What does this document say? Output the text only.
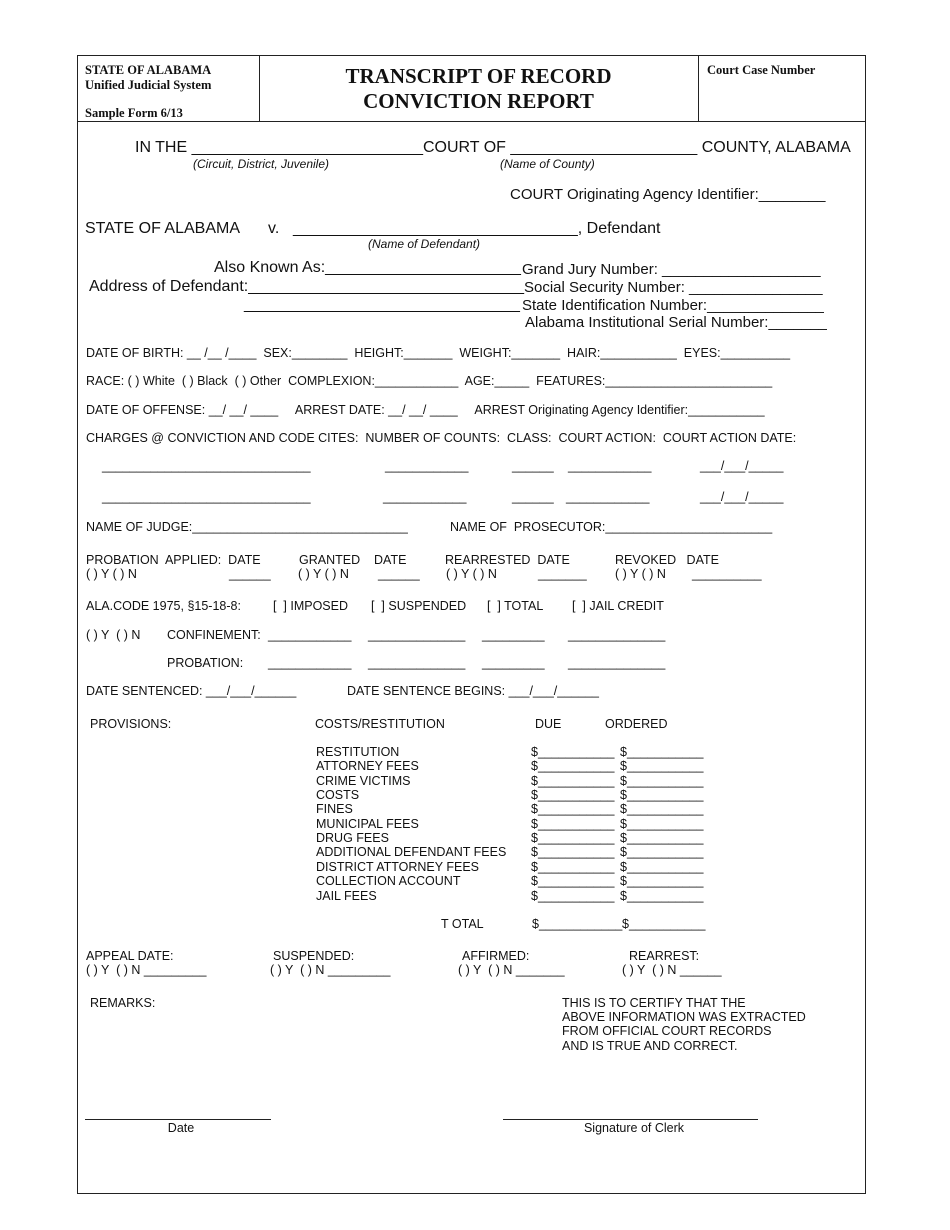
STATE OF ALABAMA
Unified Judicial System
Sample Form 6/13
TRANSCRIPT OF RECORD
CONVICTION REPORT
Court Case Number
IN THE __________________________COURT OF _____________________ COUNTY, ALABAMA
(Circuit, District, Juvenile)	(Name of County)
COURT Originating Agency Identifier:________
STATE OF ALABAMA v. ________________________________, Defendant
(Name of Defendant)
Also Known As:______________________
Address of Defendant:_______________________________
_______________________________
Grand Jury Number: ___________________
Social Security Number: ________________
State Identification Number:______________
Alabama Institutional Serial Number:_______
DATE OF BIRTH: __ /__ /____  SEX:________  HEIGHT:_______  WEIGHT:_______  HAIR:___________  EYES:__________
RACE: ( ) White  ( ) Black  ( ) Other  COMPLEXION:____________  AGE:_____  FEATURES:________________________
DATE OF OFFENSE: __/ __/ ____     ARREST DATE: __/ __/ ____     ARREST Originating Agency Identifier:___________
CHARGES @ CONVICTION AND CODE CITES:  NUMBER OF COUNTS:  CLASS:  COURT ACTION:  COURT ACTION DATE:
______________________________	____________	______ ____________	___/___/_____
______________________________	____________	______ ____________	___/___/_____
NAME OF JUDGE:_______________________________	NAME OF  PROSECUTOR:________________________
PROBATION  APPLIED:  DATE
( ) Y ( ) N	______
GRANTED    DATE
( ) Y ( ) N ______
REARRESTED  DATE
( ) Y ( ) N	_______
REVOKED   DATE
( ) Y ( ) N __________
ALA.CODE 1975, §15-18-8:	[  ] IMPOSED [  ] SUSPENDED [  ] TOTAL [  ] JAIL CREDIT
( ) Y  ( ) N CONFINEMENT: ____________ ______________ _________ ______________
PROBATION: ____________ ______________ _________ ______________
DATE SENTENCED: ___/___/______	DATE SENTENCE BEGINS: ___/___/______
PROVISIONS:	COSTS/RESTITUTION	DUE	ORDERED
RESTITUTION	$___________ $___________
ATTORNEY FEES	$___________ $___________
CRIME VICTIMS	$___________ $___________
COSTS	$___________ $___________
FINES	$___________ $___________
MUNICIPAL FEES	$___________ $___________
DRUG FEES	$___________ $___________
ADDITIONAL DEFENDANT FEES $___________ $___________
DISTRICT ATTORNEY FEES	$___________ $___________
COLLECTION ACCOUNT	$___________ $___________
JAIL FEES	$___________ $___________
T OTAL	$____________ $___________
APPEAL DATE:
( ) Y  ( ) N _________
SUSPENDED:
( ) Y  ( ) N _________
AFFIRMED:
( ) Y  ( ) N _______
REARREST:
( ) Y  ( ) N ______
REMARKS:	THIS IS TO CERTIFY THAT THE
ABOVE INFORMATION WAS EXTRACTED
FROM OFFICIAL COURT RECORDS
AND IS TRUE AND CORRECT.
Date	Signature of Clerk
